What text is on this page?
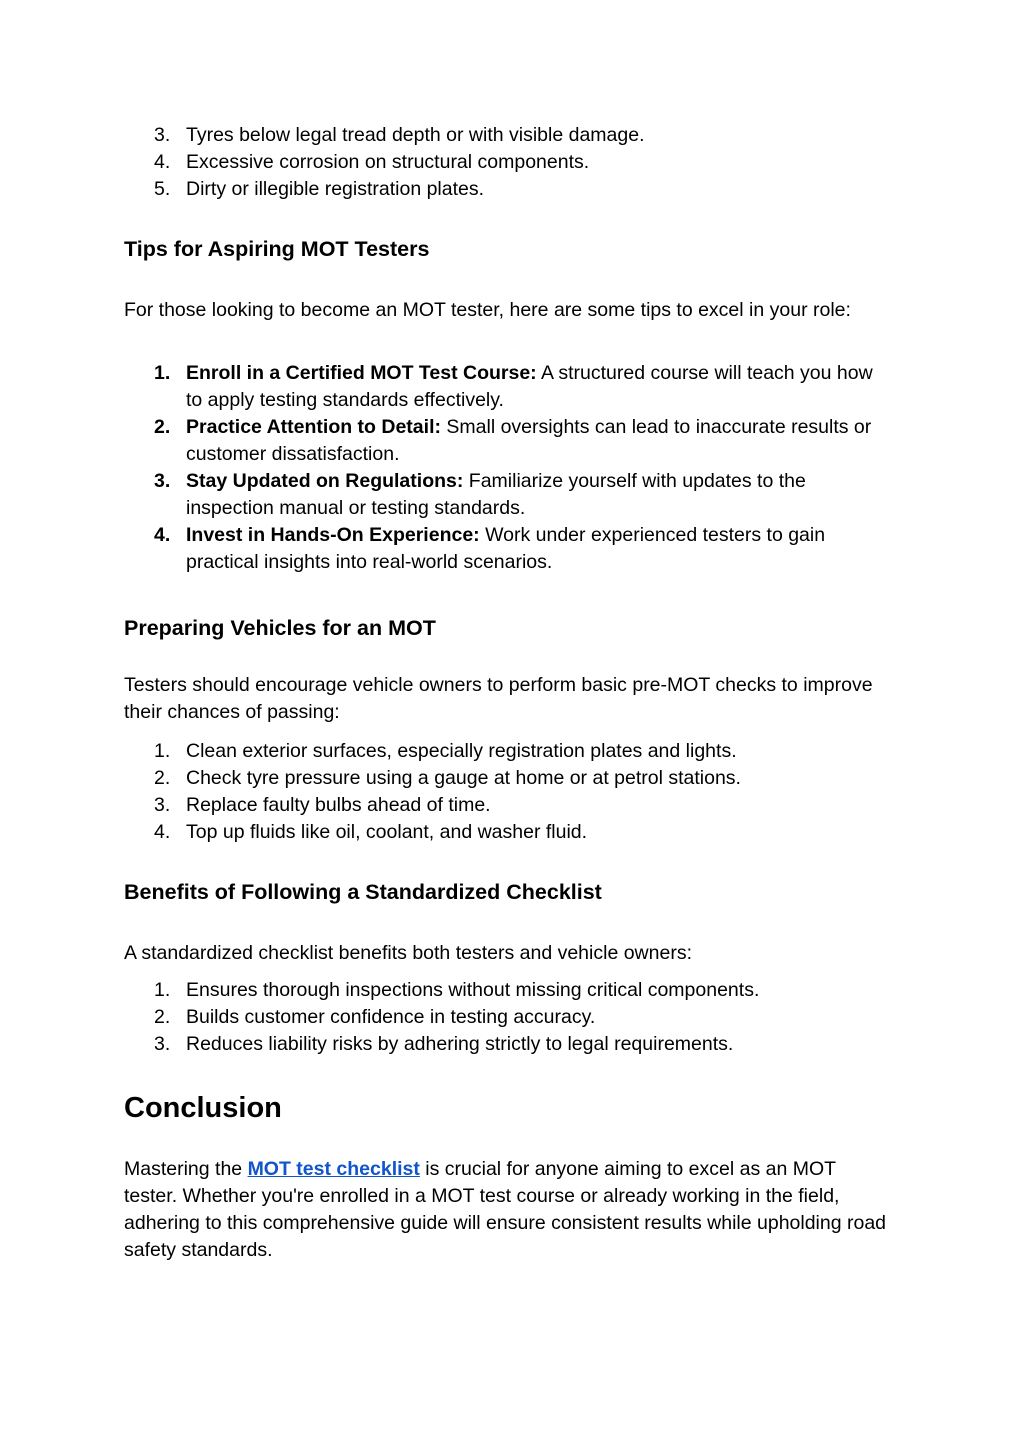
3. Tyres below legal tread depth or with visible damage.
4. Excessive corrosion on structural components.
5. Dirty or illegible registration plates.
Tips for Aspiring MOT Testers

For those looking to become an MOT tester, here are some tips to excel in your role:

1. Enroll in a Certified MOT Test Course: A structured course will teach you how to apply testing standards effectively.
2. Practice Attention to Detail: Small oversights can lead to inaccurate results or customer dissatisfaction.
3. Stay Updated on Regulations: Familiarize yourself with updates to the inspection manual or testing standards.
4. Invest in Hands-On Experience: Work under experienced testers to gain practical insights into real-world scenarios.
Preparing Vehicles for an MOT

Testers should encourage vehicle owners to perform basic pre-MOT checks to improve their chances of passing:

1. Clean exterior surfaces, especially registration plates and lights.
2. Check tyre pressure using a gauge at home or at petrol stations.
3. Replace faulty bulbs ahead of time.
4. Top up fluids like oil, coolant, and washer fluid.
Benefits of Following a Standardized Checklist

A standardized checklist benefits both testers and vehicle owners:

1. Ensures thorough inspections without missing critical components.
2. Builds customer confidence in testing accuracy.
3. Reduces liability risks by adhering strictly to legal requirements.
Conclusion

Mastering the MOT test checklist is crucial for anyone aiming to excel as an MOT tester. Whether you're enrolled in a MOT test course or already working in the field, adhering to this comprehensive guide will ensure consistent results while upholding road safety standards.
